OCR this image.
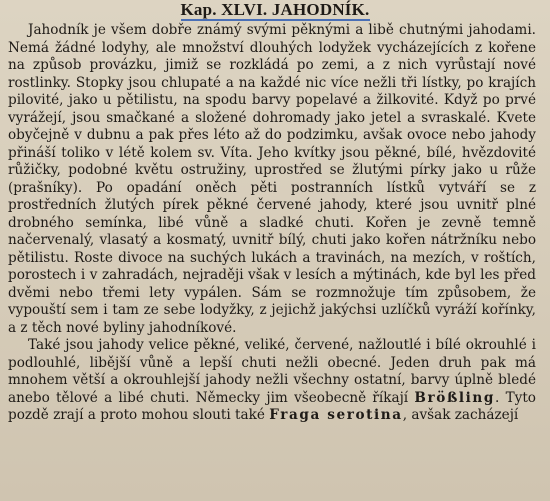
Kap. XLVI. JAHODNÍK.

Jahodník je všem dobře známý svými pěknými a libě chutnými jahodami. Nemá žádné lodyhy, ale množství dlouhých lodyžek vycházejících z kořene na způsob provázku, jimiž se rozkládá po zemi, a z nich vyrůstají nové rostlinky. Stopky jsou chlupaté a na každé nic více nežli tři lístky, po krajích pilovité, jako u pětilistu, na spodu barvy popelavé a žilkovité. Když po prvé vyrážejí, jsou smačkané a složené dohromady jako jetel a svraskalé. Kvete obyčejně v dubnu a pak přes léto až do podzimku, avšak ovoce nebo jahody přináší toliko v létě kolem sv. Víta. Jeho kvítky jsou pěkné, bílé, hvězdovité růžičky, podobné květu ostružiny, uprostřed se žlutými pírky jako u růže (prašníky). Po opadání oněch pěti postranních lístků vytváří se z prostředních žlutých pírek pěkné červené jahody, které jsou uvnitř plné drobného semínka, libé vůně a sladké chuti. Kořen je zevně temně načervenalý, vlasatý a kosmatý, uvnitř bílý, chuti jako kořen nátržníku nebo pětilistu. Roste divoce na suchých lukách a travinách, na mezích, v roštích, porostech i v zahradách, nejraději však v lesích a mýtinách, kde byl les před dvěmi nebo třemi lety vypálen. Sám se rozmnožuje tím způsobem, že vypouští sem i tam ze sebe lodyžky, z jejichž jakýchsi uzlíčků vyráží kořínky, a z těch nové byliny jahodníkové.

Také jsou jahody velice pěkné, veliké, červené, nažloutlé i bílé okrouhlé i podlouhlé, libější vůně a lepší chuti nežli obecné. Jeden druh pak má mnohem větší a okrouhlejší jahody nežli všechny ostatní, barvy úplně bledé anebo tělové a libé chuti. Německy jim všeobecně říkají Brößling. Tyto pozdě zrají a proto mohou slouti také Fraga serotina, avšak zacházejí
